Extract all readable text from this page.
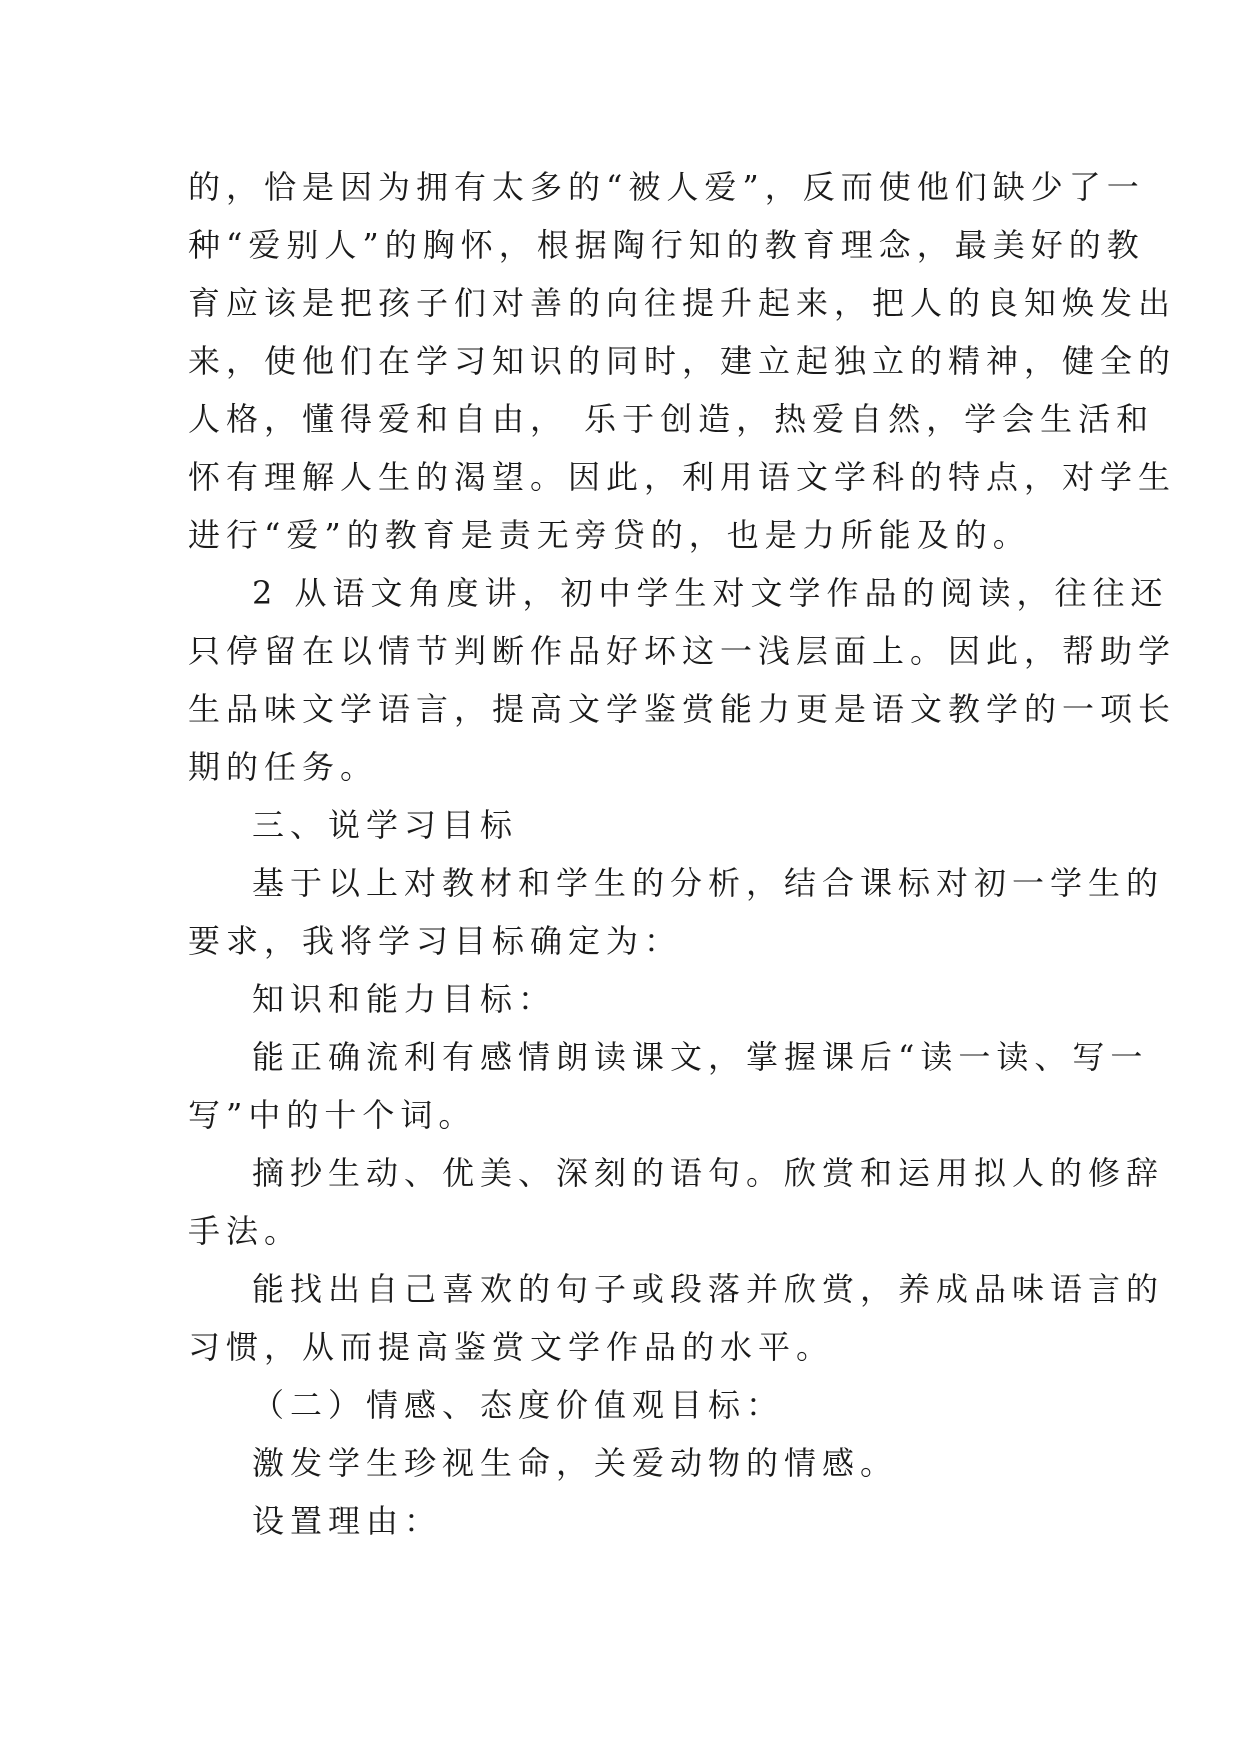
的，恰是因为拥有太多的“被人爱”，反而使他们缺少了一
种“爱别人”的胸怀，根据陶行知的教育理念，最美好的教
育应该是把孩子们对善的向往提升起来，把人的良知焕发出
来，使他们在学习知识的同时，建立起独立的精神，健全的
人格，懂得爱和自由， 乐于创造，热爱自然，学会生活和
怀有理解人生的渴望。因此，利用语文学科的特点，对学生
进行“爱”的教育是责无旁贷的，也是力所能及的。
2 从语文角度讲，初中学生对文学作品的阅读，往往还
只停留在以情节判断作品好坏这一浅层面上。因此，帮助学
生品味文学语言，提高文学鉴赏能力更是语文教学的一项长
期的任务。
三、说学习目标
基于以上对教材和学生的分析，结合课标对初一学生的
要求，我将学习目标确定为：
知识和能力目标：
能正确流利有感情朗读课文，掌握课后“读一读、写一
写”中的十个词。
摘抄生动、优美、深刻的语句。欣赏和运用拟人的修辞
手法。
能找出自己喜欢的句子或段落并欣赏，养成品味语言的
习惯，从而提高鉴赏文学作品的水平。
（二）情感、态度价值观目标：
激发学生珍视生命，关爱动物的情感。
设置理由：
